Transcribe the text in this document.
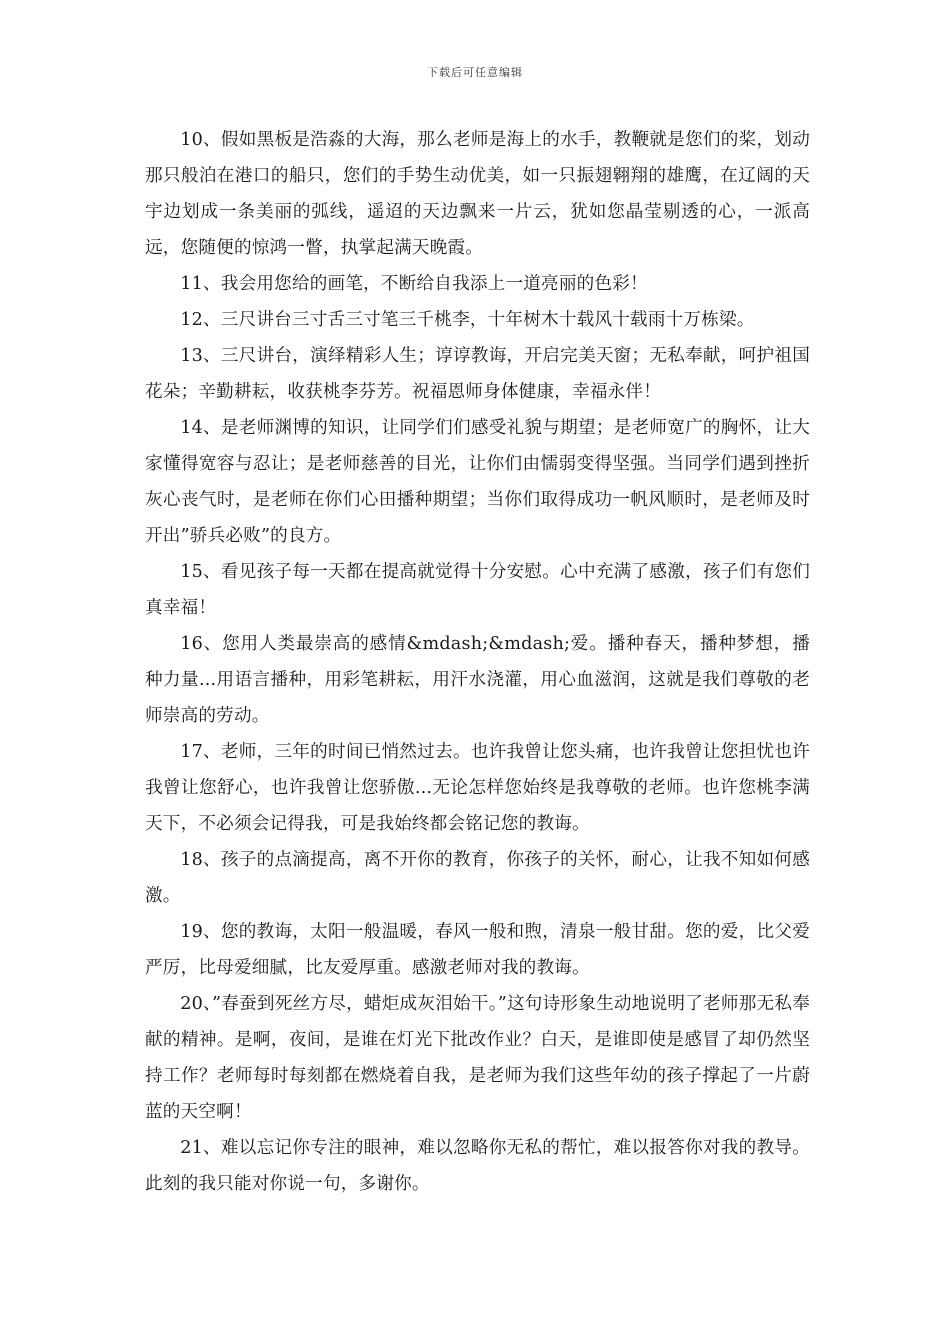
下载后可任意编辑

10、假如黑板是浩淼的大海，那么老师是海上的水手，教鞭就是您们的桨，划动那只般泊在港口的船只，您们的手势生动优美，如一只振翅翱翔的雄鹰，在辽阔的天宇边划成一条美丽的弧线，遥迢的天边飘来一片云，犹如您晶莹剔透的心，一派高远，您随便的惊鸿一瞥，执掌起满天晚霞。

11、我会用您给的画笔，不断给自我添上一道亮丽的色彩！

12、三尺讲台三寸舌三寸笔三千桃李，十年树木十载风十载雨十万栋梁。

13、三尺讲台，演绎精彩人生；谆谆教诲，开启完美天窗；无私奉献，呵护祖国花朵；辛勤耕耘，收获桃李芬芳。祝福恩师身体健康，幸福永伴！

14、是老师渊博的知识，让同学们们感受礼貌与期望；是老师宽广的胸怀，让大家懂得宽容与忍让；是老师慈善的目光，让你们由懦弱变得坚强。当同学们遇到挫折灰心丧气时，是老师在你们心田播种期望；当你们取得成功一帆风顺时，是老师及时开出”骄兵必败”的良方。

15、看见孩子每一天都在提高就觉得十分安慰。心中充满了感激，孩子们有您们真幸福！

16、您用人类最崇高的感情&mdash;&mdash;爱。播种春天，播种梦想，播种力量...用语言播种，用彩笔耕耘，用汗水浇灌，用心血滋润，这就是我们尊敬的老师崇高的劳动。

17、老师，三年的时间已悄然过去。也许我曾让您头痛，也许我曾让您担忧也许我曾让您舒心，也许我曾让您骄傲...无论怎样您始终是我尊敬的老师。也许您桃李满天下，不必须会记得我，可是我始终都会铭记您的教诲。

18、孩子的点滴提高，离不开你的教育，你孩子的关怀，耐心，让我不知如何感激。

19、您的教诲，太阳一般温暖，春风一般和煦，清泉一般甘甜。您的爱，比父爱严厉，比母爱细腻，比友爱厚重。感激老师对我的教诲。

20、”春蚕到死丝方尽，蜡炬成灰泪始干。”这句诗形象生动地说明了老师那无私奉献的精神。是啊，夜间，是谁在灯光下批改作业？白天，是谁即使是感冒了却仍然坚持工作？老师每时每刻都在燃烧着自我，是老师为我们这些年幼的孩子撑起了一片蔚蓝的天空啊！

21、难以忘记你专注的眼神，难以忽略你无私的帮忙，难以报答你对我的教导。此刻的我只能对你说一句，多谢你。
